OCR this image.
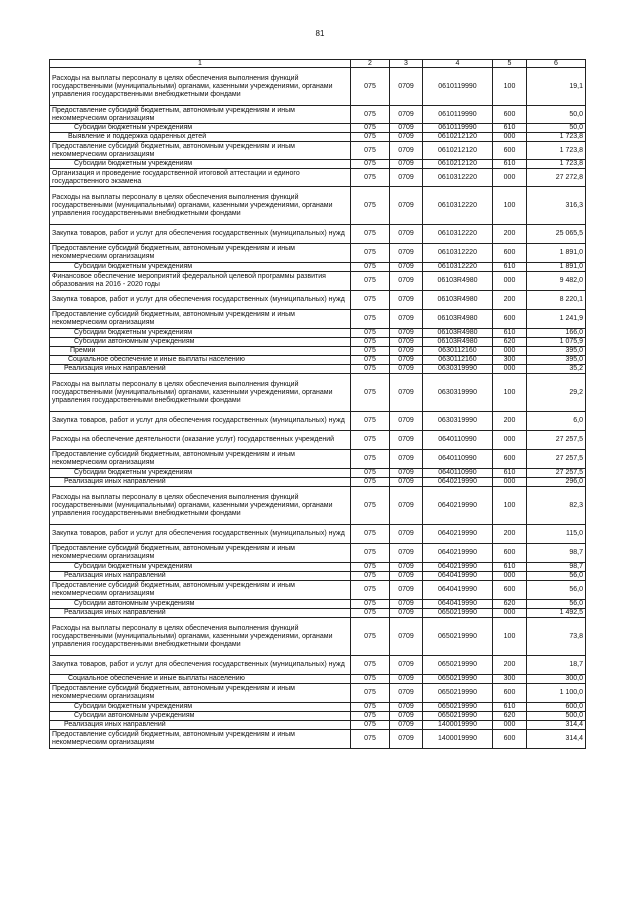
81
1	2	3	4	5	6
Расходы на выплаты персоналу в целях обеспечения выполнения функций государственными (муниципальными) органами, казенными учреждениями, органами управления государственными внебюджетными фондами	075	0709	0610119990	100	19,1
Предоставление субсидий бюджетным, автономным учреждениям и иным некоммерческим организациям	075	0709	0610119990	600	50,0
Субсидии бюджетным учреждениям	075	0709	0610119990	610	50,0
Выявление и поддержка одаренных детей	075	0709	0610212120	000	1 723,8
Предоставление субсидий бюджетным, автономным учреждениям и иным некоммерческим организациям	075	0709	0610212120	600	1 723,8
Субсидии бюджетным учреждениям	075	0709	0610212120	610	1 723,8
Организация и проведение государственной итоговой аттестации и единого государственного экзамена	075	0709	0610312220	000	27 272,8
Расходы на выплаты персоналу в целях обеспечения выполнения функций государственными (муниципальными) органами, казенными учреждениями, органами управления государственными внебюджетными фондами	075	0709	0610312220	100	316,3
Закупка товаров, работ и услуг для обеспечения государственных (муниципальных) нужд	075	0709	0610312220	200	25 065,5
Предоставление субсидий бюджетным, автономным учреждениям и иным некоммерческим организациям	075	0709	0610312220	600	1 891,0
Субсидии бюджетным учреждениям	075	0709	0610312220	610	1 891,0
Финансовое обеспечение мероприятий федеральной целевой программы развития образования на 2016 - 2020 годы	075	0709	06103R4980	000	9 482,0
Закупка товаров, работ и услуг для обеспечения государственных (муниципальных) нужд	075	0709	06103R4980	200	8 220,1
Предоставление субсидий бюджетным, автономным учреждениям и иным некоммерческим организациям	075	0709	06103R4980	600	1 241,9
Субсидии бюджетным учреждениям	075	0709	06103R4980	610	166,0
Субсидии автономным учреждениям	075	0709	06103R4980	620	1 075,9
Премии	075	0709	0630112160	000	395,0
Социальное обеспечение и иные выплаты населению	075	0709	0630112160	300	395,0
Реализация иных направлений	075	0709	0630319990	000	35,2
Расходы на выплаты персоналу в целях обеспечения выполнения функций государственными (муниципальными) органами, казенными учреждениями, органами управления государственными внебюджетными фондами	075	0709	0630319990	100	29,2
Закупка товаров, работ и услуг для обеспечения государственных (муниципальных) нужд	075	0709	0630319990	200	6,0
Расходы на обеспечение деятельности (оказание услуг) государственных учреждений	075	0709	0640110990	000	27 257,5
Предоставление субсидий бюджетным, автономным учреждениям и иным некоммерческим организациям	075	0709	0640110990	600	27 257,5
Субсидии бюджетным учреждениям	075	0709	0640110990	610	27 257,5
Реализация иных направлений	075	0709	0640219990	000	296,0
Расходы на выплаты персоналу в целях обеспечения выполнения функций государственными (муниципальными) органами, казенными учреждениями, органами управления государственными внебюджетными фондами	075	0709	0640219990	100	82,3
Закупка товаров, работ и услуг для обеспечения государственных (муниципальных) нужд	075	0709	0640219990	200	115,0
Предоставление субсидий бюджетным, автономным учреждениям и иным некоммерческим организациям	075	0709	0640219990	600	98,7
Субсидии бюджетным учреждениям	075	0709	0640219990	610	98,7
Реализация иных направлений	075	0709	0640419990	000	56,0
Предоставление субсидий бюджетным, автономным учреждениям и иным некоммерческим организациям	075	0709	0640419990	600	56,0
Субсидии автономным учреждениям	075	0709	0640419990	620	56,0
Реализация иных направлений	075	0709	0650219990	000	1 492,5
Расходы на выплаты персоналу в целях обеспечения выполнения функций государственными (муниципальными) органами, казенными учреждениями, органами управления государственными внебюджетными фондами	075	0709	0650219990	100	73,8
Закупка товаров, работ и услуг для обеспечения государственных (муниципальных) нужд	075	0709	0650219990	200	18,7
Социальное обеспечение и иные выплаты населению	075	0709	0650219990	300	300,0
Предоставление субсидий бюджетным, автономным учреждениям и иным некоммерческим организациям	075	0709	0650219990	600	1 100,0
Субсидии бюджетным учреждениям	075	0709	0650219990	610	600,0
Субсидии автономным учреждениям	075	0709	0650219990	620	500,0
Реализация иных направлений	075	0709	1400019990	000	314,4
Предоставление субсидий бюджетным, автономным учреждениям и иным некоммерческим организациям	075	0709	1400019990	600	314,4
